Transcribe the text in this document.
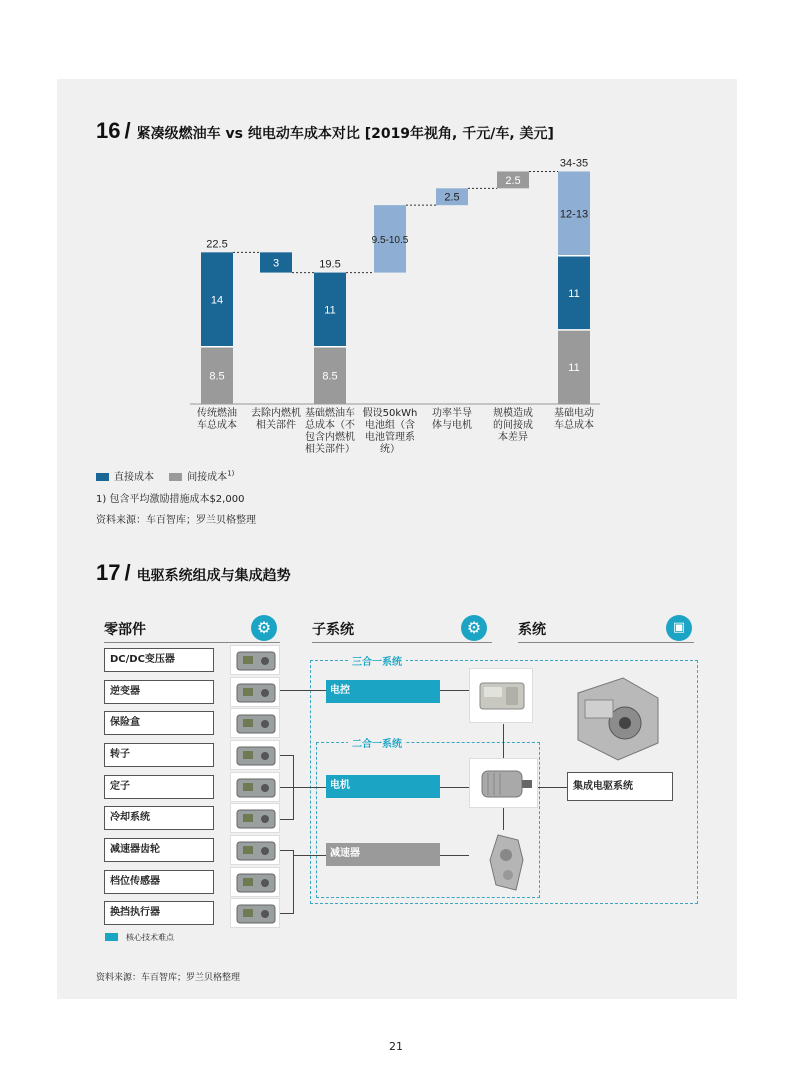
16 / 紧凑级燃油车 vs 纯电动车成本对比 [2019年视角, 千元/车, 美元]
8.5
14
22.5
3
8.5
11
19.5
9.5-10.5
2.5
2.5
11
11
12-13
34-35
传统燃油
车总成本
去除内燃机
相关部件
基础燃油车
总成本（不
包含内燃机
相关部件）
假设50kWh
电池组（含
电池管理系
统）
功率半导
体与电机
规模造成
的间接成
本差异
基础电动
车总成本
直接成本	间接成本$^{1)}$
1) 包含平均激励措施成本$2,000
资料来源：车百智库；罗兰贝格整理
17 / 电驱系统组成与集成趋势
零部件	⚙	子系统	⚙	系统	▣
三合一系统
二合一系统
DC/DC变压器
逆变器
保险盒
转子
定子
冷却系统
减速器齿轮
档位传感器
换挡执行器
电控
电机
减速器
集成电驱系统
核心技术难点
资料来源：车百智库；罗兰贝格整理
21
